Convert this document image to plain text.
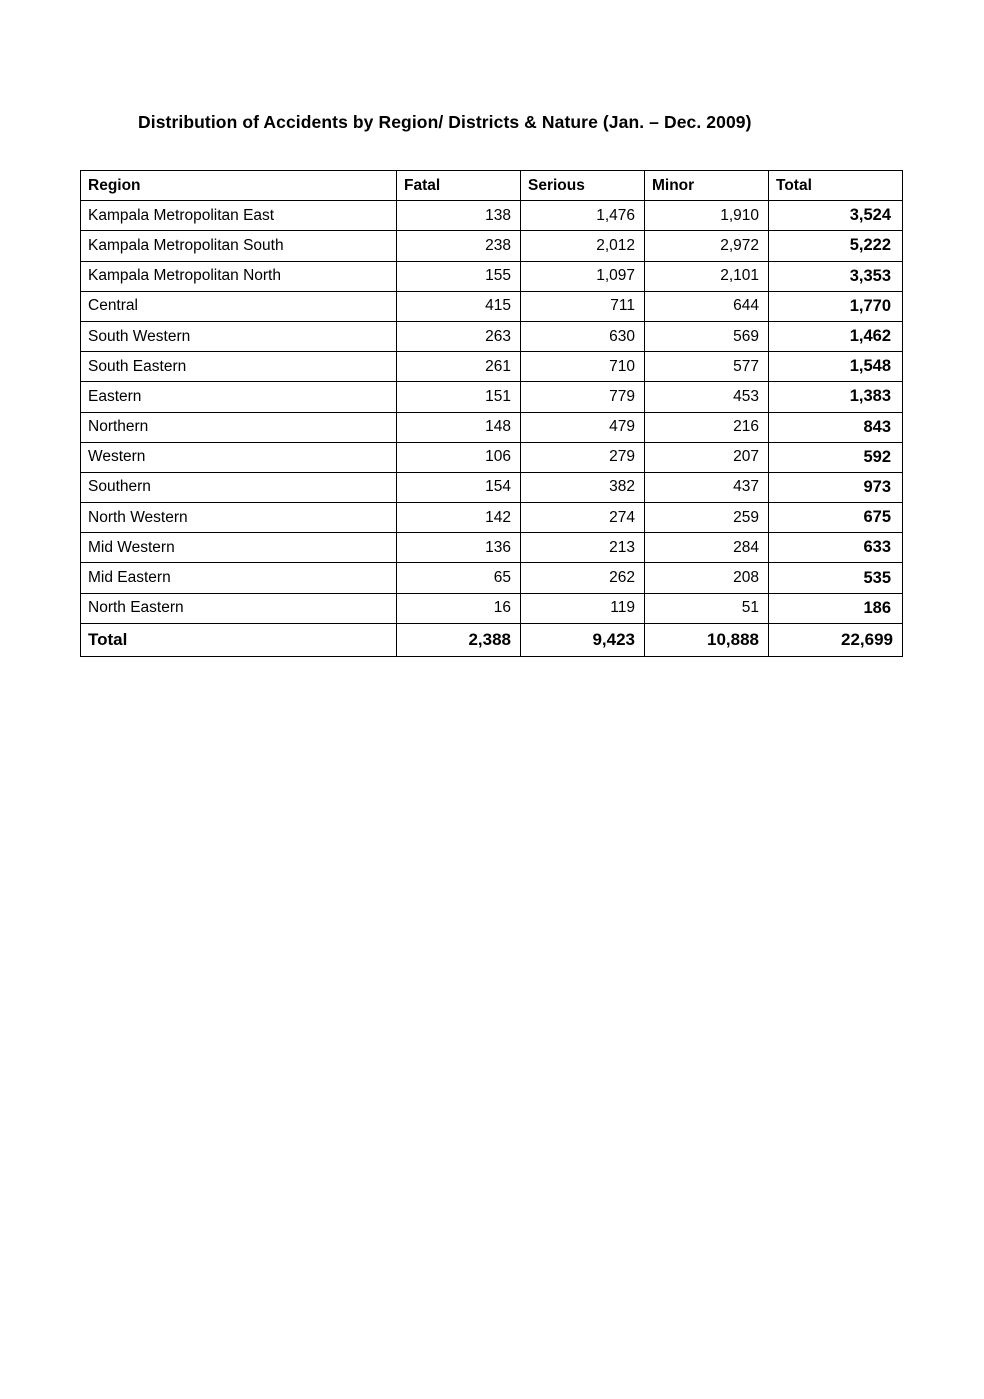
Distribution of Accidents by Region/ Districts & Nature (Jan. – Dec. 2009)
Region	Fatal	Serious	Minor	Total
Kampala Metropolitan East	138	1,476	1,910	3,524
Kampala Metropolitan South	238	2,012	2,972	5,222
Kampala Metropolitan North	155	1,097	2,101	3,353
Central	415	711	644	1,770
South Western	263	630	569	1,462
South Eastern	261	710	577	1,548
Eastern	151	779	453	1,383
Northern	148	479	216	843
Western	106	279	207	592
Southern	154	382	437	973
North Western	142	274	259	675
Mid Western	136	213	284	633
Mid Eastern	65	262	208	535
North Eastern	16	119	51	186
Total	2,388	9,423	10,888	22,699
